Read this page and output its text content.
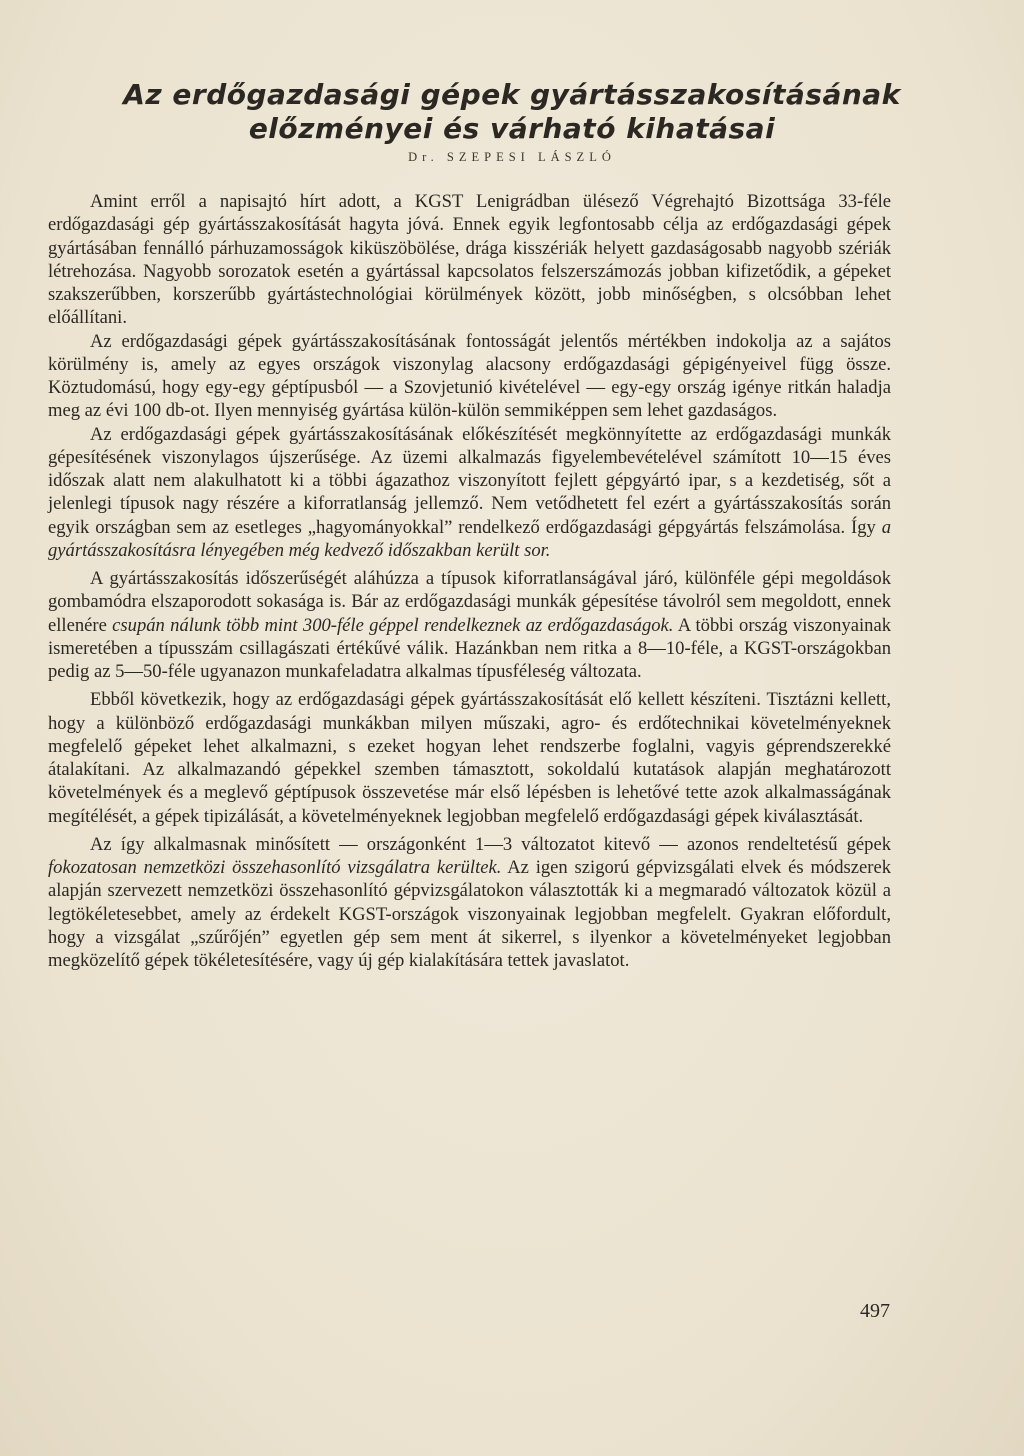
Az erdőgazdasági gépek gyártásszakosításának
előzményei és várható kihatásai
Dr. SZEPESI LÁSZLÓ

Amint erről a napisajtó hírt adott, a KGST Lenigrádban ülésező Végrehajtó Bizottsága 33-féle erdőgazdasági gép gyártásszakosítását hagyta jóvá. Ennek egyik legfontosabb célja az erdőgazdasági gépek gyártásában fennálló párhuzamosságok kiküszöbölése, drága kisszériák helyett gazdaságosabb nagyobb szériák létrehozása. Nagyobb sorozatok esetén a gyártással kapcsolatos felszerszámozás jobban kifizetődik, a gépeket szakszerűbben, korszerűbb gyártástechnológiai körülmények között, jobb minőségben, s olcsóbban lehet előállítani.

Az erdőgazdasági gépek gyártásszakosításának fontosságát jelentős mértékben indokolja az a sajátos körülmény is, amely az egyes országok viszonylag alacsony erdőgazdasági gépigényeivel függ össze. Köztudomású, hogy egy-egy géptípusból — a Szovjetunió kivételével — egy-egy ország igénye ritkán haladja meg az évi 100 db-ot. Ilyen mennyiség gyártása külön-külön semmiképpen sem lehet gazdaságos.

Az erdőgazdasági gépek gyártásszakosításának előkészítését megkönnyítette az erdőgazdasági munkák gépesítésének viszonylagos újszerűsége. Az üzemi alkalmazás figyelembevételével számított 10—15 éves időszak alatt nem alakulhatott ki a többi ágazathoz viszonyított fejlett gépgyártó ipar, s a kezdetiség, sőt a jelenlegi típusok nagy részére a kiforratlanság jellemző. Nem vetődhetett fel ezért a gyártásszakosítás során egyik országban sem az esetleges „hagyományokkal” rendelkező erdőgazdasági gépgyártás felszámolása. Így a gyártásszakosításra lényegében még kedvező időszakban került sor.

A gyártásszakosítás időszerűségét aláhúzza a típusok kiforratlanságával járó, különféle gépi megoldások gombamódra elszaporodott sokasága is. Bár az erdőgazdasági munkák gépesítése távolról sem megoldott, ennek ellenére csupán nálunk több mint 300-féle géppel rendelkeznek az erdőgazdaságok. A többi ország viszonyainak ismeretében a típusszám csillagászati értékűvé válik. Hazánkban nem ritka a 8—10-féle, a KGST-országokban pedig az 5—50-féle ugyanazon munkafeladatra alkalmas típusféleség változata.

Ebből következik, hogy az erdőgazdasági gépek gyártásszakosítását elő kellett készíteni. Tisztázni kellett, hogy a különböző erdőgazdasági munkákban milyen műszaki, agro- és erdőtechnikai követelményeknek megfelelő gépeket lehet alkalmazni, s ezeket hogyan lehet rendszerbe foglalni, vagyis géprendszerekké átalakítani. Az alkalmazandó gépekkel szemben támasztott, sokoldalú kutatások alapján meghatározott követelmények és a meglevő géptípusok összevetése már első lépésben is lehetővé tette azok alkalmasságának megítélését, a gépek tipizálását, a követelményeknek legjobban megfelelő erdőgazdasági gépek kiválasztását.

Az így alkalmasnak minősített — országonként 1—3 változatot kitevő — azonos rendeltetésű gépek fokozatosan nemzetközi összehasonlító vizsgálatra kerültek. Az igen szigorú gépvizsgálati elvek és módszerek alapján szervezett nemzetközi összehasonlító gépvizsgálatokon választották ki a megmaradó változatok közül a legtökéletesebbet, amely az érdekelt KGST-országok viszonyainak legjobban megfelelt. Gyakran előfordult, hogy a vizsgálat „szűrőjén” egyetlen gép sem ment át sikerrel, s ilyenkor a követelményeket legjobban megközelítő gépek tökéletesítésére, vagy új gép kialakítására tettek javaslatot.

497
